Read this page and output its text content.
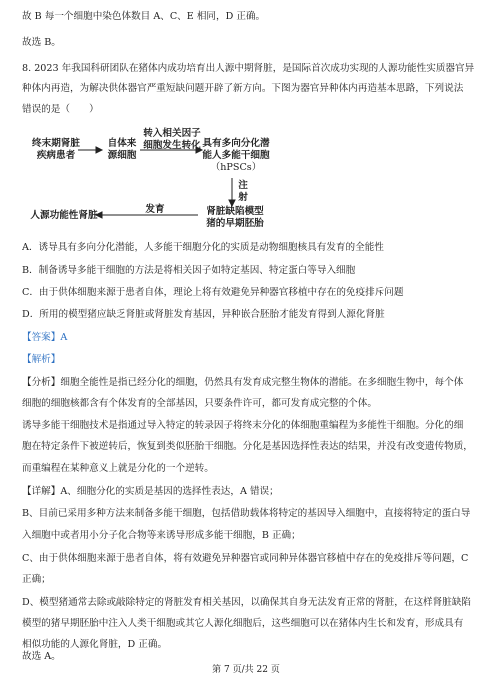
故 B 每一个细胞中染色体数目 A、C、E 相同，D 正确。
故选 B。
8. 2023 年我国科研团队在猪体内成功培育出人源中期肾脏，是国际首次成功实现的人源功能性实质器官异
种体内再造，为解决供体器官严重短缺问题开辟了新方向。下图为器官异种体内再造基本思路，下列说法
错误的是（　　）
终末期肾脏
疾病患者
自体来
源细胞
转入相关因子
细胞发生转化 具有多向分化潜
能人多能干细胞
（hPSCs）
注
射
肾脏缺陷模型
猪的早期胚胎
发育
人源功能性肾脏
A．诱导具有多向分化潜能，人多能干细胞分化的实质是动物细胞核具有发育的全能性
B．制备诱导多能干细胞的方法是将相关因子如特定基因、特定蛋白等导入细胞
C．由于供体细胞来源于患者自体，理论上将有效避免异种器官移植中存在的免疫排斥问题
D．所用的模型猪应缺乏肾脏或肾脏发育基因，异种嵌合胚胎才能发育得到人源化肾脏
【答案】A
【解析】
【分析】细胞全能性是指已经分化的细胞，仍然具有发育成完整生物体的潜能。在多细胞生物中，每个体
细胞的细胞核都含有个体发育的全部基因，只要条件许可，都可发育成完整的个体。
诱导多能干细胞技术是指通过导入特定的转录因子将终末分化的体细胞重编程为多能性干细胞。分化的细
胞在特定条件下被逆转后，恢复到类似胚胎干细胞。分化是基因选择性表达的结果，并没有改变遗传物质，
而重编程在某种意义上就是分化的一个逆转。
【详解】A、细胞分化的实质是基因的选择性表达，A 错误；
B、目前已采用多种方法来制备多能干细胞，包括借助载体将特定的基因导入细胞中，直接将特定的蛋白导
入细胞中或者用小分子化合物等来诱导形成多能干细胞，B 正确；
C、由于供体细胞来源于患者自体，将有效避免异种器官或同种异体器官移植中存在的免疫排斥等问题，C
正确；
D、模型猪通常去除或敲除特定的肾脏发育相关基因，以确保其自身无法发育正常的肾脏，在这样肾脏缺陷
模型的猪早期胚胎中注入人类干细胞或其它人源化细胞后，这些细胞可以在猪体内生长和发育，形成具有
相似功能的人源化肾脏，D 正确。
故选 A。
第 7 页/共 22 页
